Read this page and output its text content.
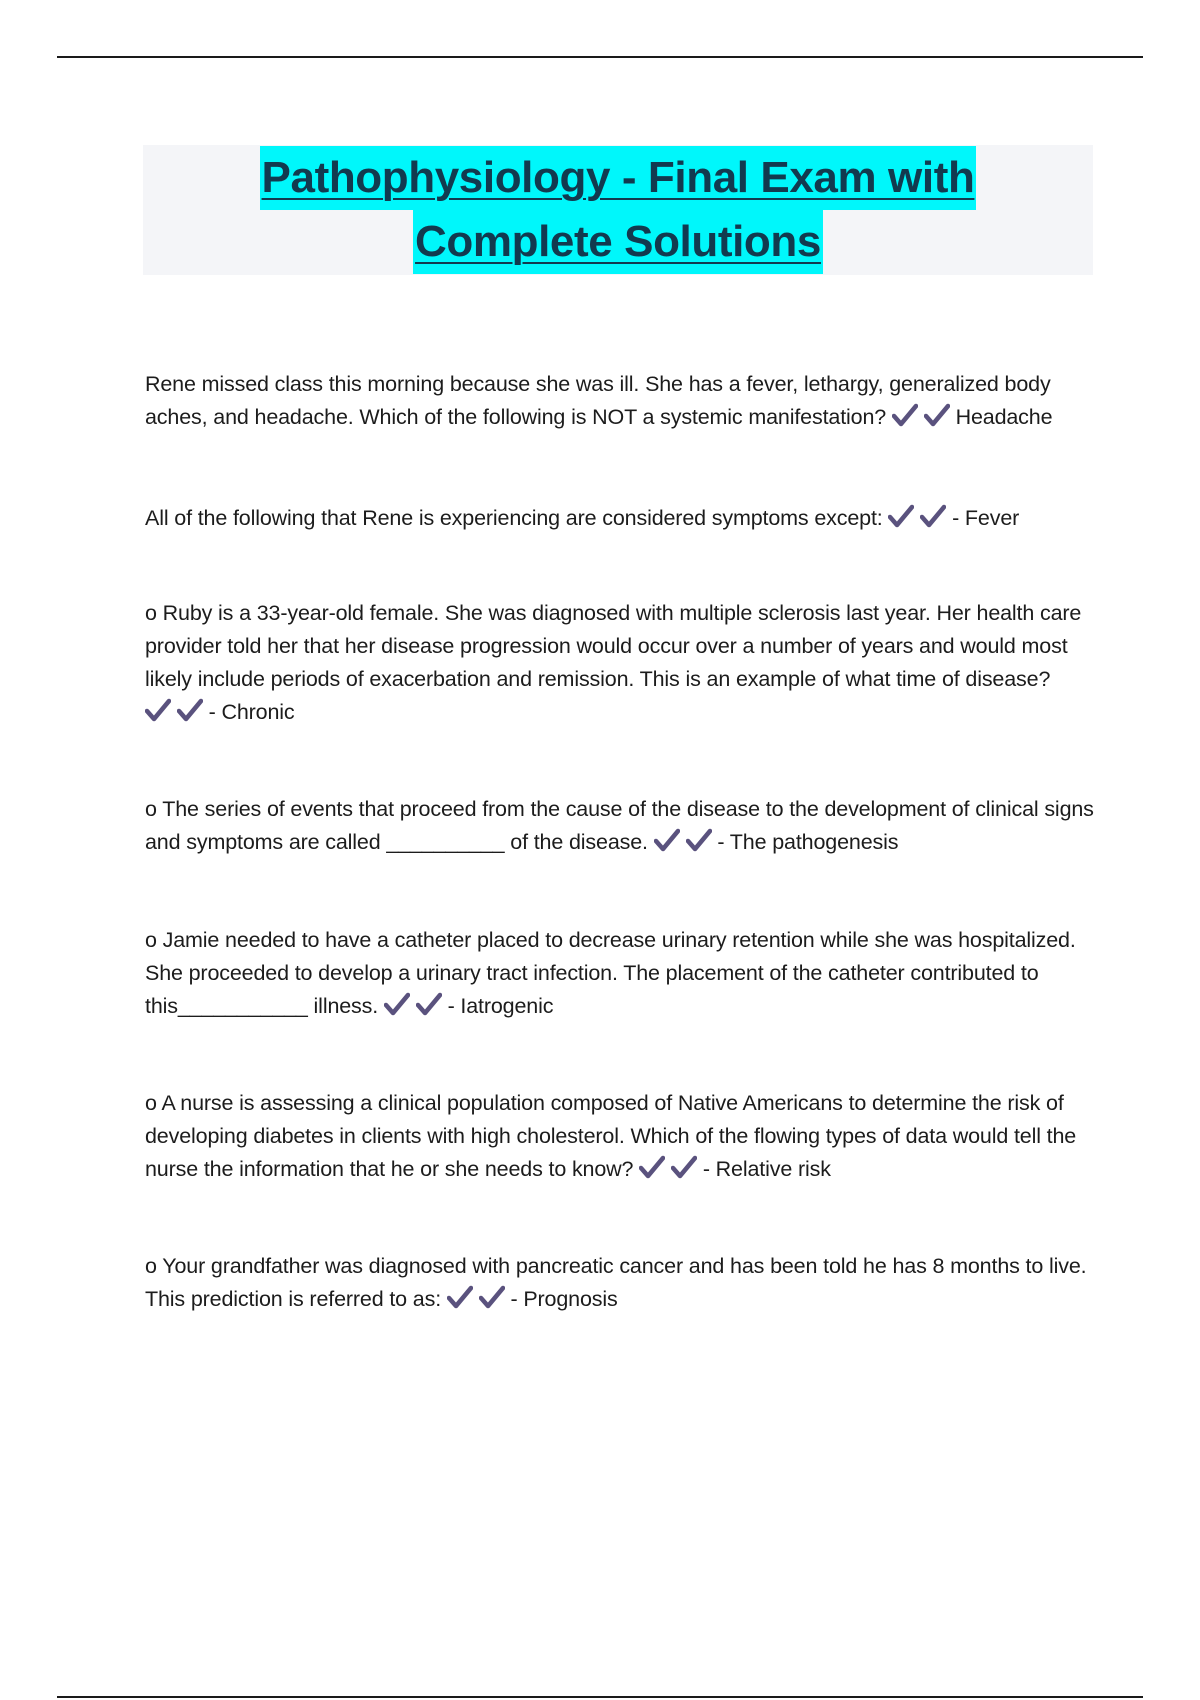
Pathophysiology - Final Exam with
Complete Solutions
Rene missed class this morning because she was ill. She has a fever, lethargy, generalized body aches, and headache. Which of the following is NOT a systemic manifestation?
	Headache
All of the following that Rene is experiencing are considered symptoms except:
	- Fever
o Ruby is a 33-year-old female. She was diagnosed with multiple sclerosis last year. Her health care provider told her that her disease progression would occur over a number of years and would most likely include periods of exacerbation and remission. This is an example of what time of disease?

- Chronic
o The series of events that proceed from the cause of the disease to the development of clinical signs and symptoms are called __________ of the disease.
	- The pathogenesis
o Jamie needed to have a catheter placed to decrease urinary retention while she was hospitalized. She proceeded to develop a urinary tract infection. The placement of the catheter contributed to this___________ illness.
	- Iatrogenic
o A nurse is assessing a clinical population composed of Native Americans to determine the risk of developing diabetes in clients with high cholesterol. Which of the flowing types of data would tell the nurse the information that he or she needs to know?
	- Relative risk
o Your grandfather was diagnosed with pancreatic cancer and has been told he has 8 months to live. This prediction is referred to as:
	- Prognosis
